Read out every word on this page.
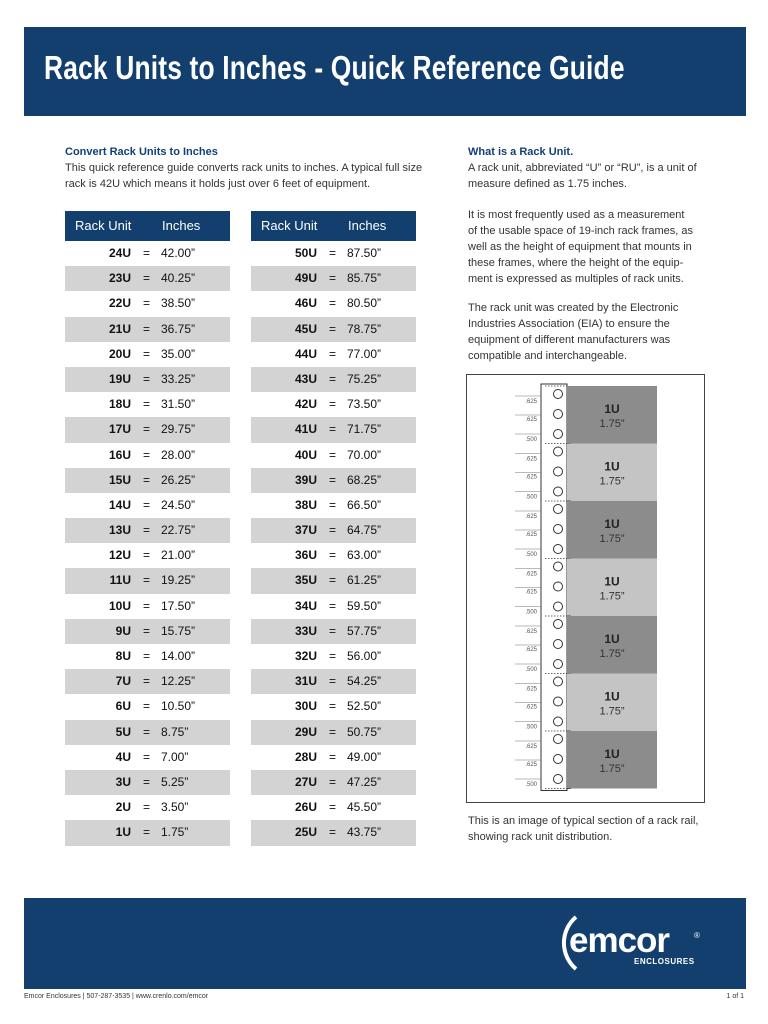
Rack Units to Inches - Quick Reference Guide
Convert Rack Units to Inches
This quick reference guide converts rack units to inches. A typical full size
rack is 42U which means it holds just over 6 feet of equipment.
Rack Unit Inches
24U = 42.00”
23U = 40.25”
22U = 38.50”
21U = 36.75”
20U = 35.00”
19U = 33.25”
18U = 31.50”
17U = 29.75”
16U = 28.00”
15U = 26.25”
14U = 24.50”
13U = 22.75”
12U = 21.00”
11U = 19.25”
10U = 17.50”
9U = 15.75”
8U = 14.00”
7U = 12.25”
6U = 10.50”
5U = 8.75”
4U = 7.00”
3U = 5.25”
2U = 3.50”
1U = 1.75”
Rack Unit Inches
50U = 87.50”
49U = 85.75”
46U = 80.50”
45U = 78.75”
44U = 77.00”
43U = 75.25”
42U = 73.50”
41U = 71.75”
40U = 70.00”
39U = 68.25”
38U = 66.50”
37U = 64.75”
36U = 63.00”
35U = 61.25”
34U = 59.50”
33U = 57.75”
32U = 56.00”
31U = 54.25”
30U = 52.50”
29U = 50.75”
28U = 49.00”
27U = 47.25”
26U = 45.50”
25U = 43.75”
What is a Rack Unit.
A rack unit, abbreviated “U” or “RU”, is a unit of
measure defined as 1.75 inches.
It is most frequently used as a measurement
of the usable space of 19-inch rack frames, as
well as the height of equipment that mounts in
these frames, where the height of the equip-
ment is expressed as multiples of rack units.
The rack unit was created by the Electronic
Industries Association (EIA) to ensure the
equipment of different manufacturers was
compatible and interchangeable.
1U
1.75”
.625
.625
.500
1U
1.75”
.625
.625
.500
1U
1.75”
.625
.625
.500
1U
1.75”
.625
.625
.500
1U
1.75”
.625
.625
.500
1U
1.75”
.625
.625
.500
1U
1.75”
.625
.625
.500
This is an image of typical section of a rack rail,
showing rack unit distribution.
emcor	®
ENCLOSURES
Emcor Enclosures | 507-287-3535 | www.crenlo.com/emcor	1 of 1
